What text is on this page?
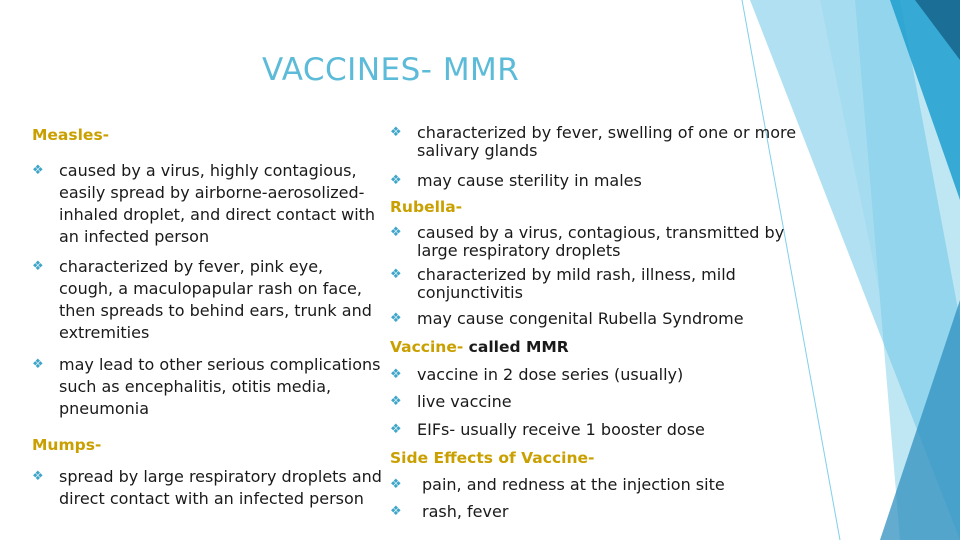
VACCINES- MMR
Measles-
❖ caused by a virus, highly contagious, easily spread by airborne-aerosolized-inhaled droplet, and direct contact with an infected person
❖ characterized by fever, pink eye, cough, a maculopapular rash on face, then spreads to behind ears, trunk and extremities
❖ may lead to other serious complications such as encephalitis, otitis media, pneumonia
Mumps-
❖ spread by large respiratory droplets and direct contact with an infected person
❖ characterized by fever, swelling of one or more salivary glands
❖ may cause sterility in males
Rubella-
❖ caused by a virus, contagious, transmitted by large respiratory droplets
❖ characterized by mild rash, illness, mild conjunctivitis
❖ may cause congenital Rubella Syndrome
Vaccine- called MMR
❖ vaccine in 2 dose series (usually)
❖ live vaccine
❖ EIFs- usually receive 1 booster dose
Side Effects of Vaccine-
❖ pain, and redness at the injection site
❖ rash, fever
